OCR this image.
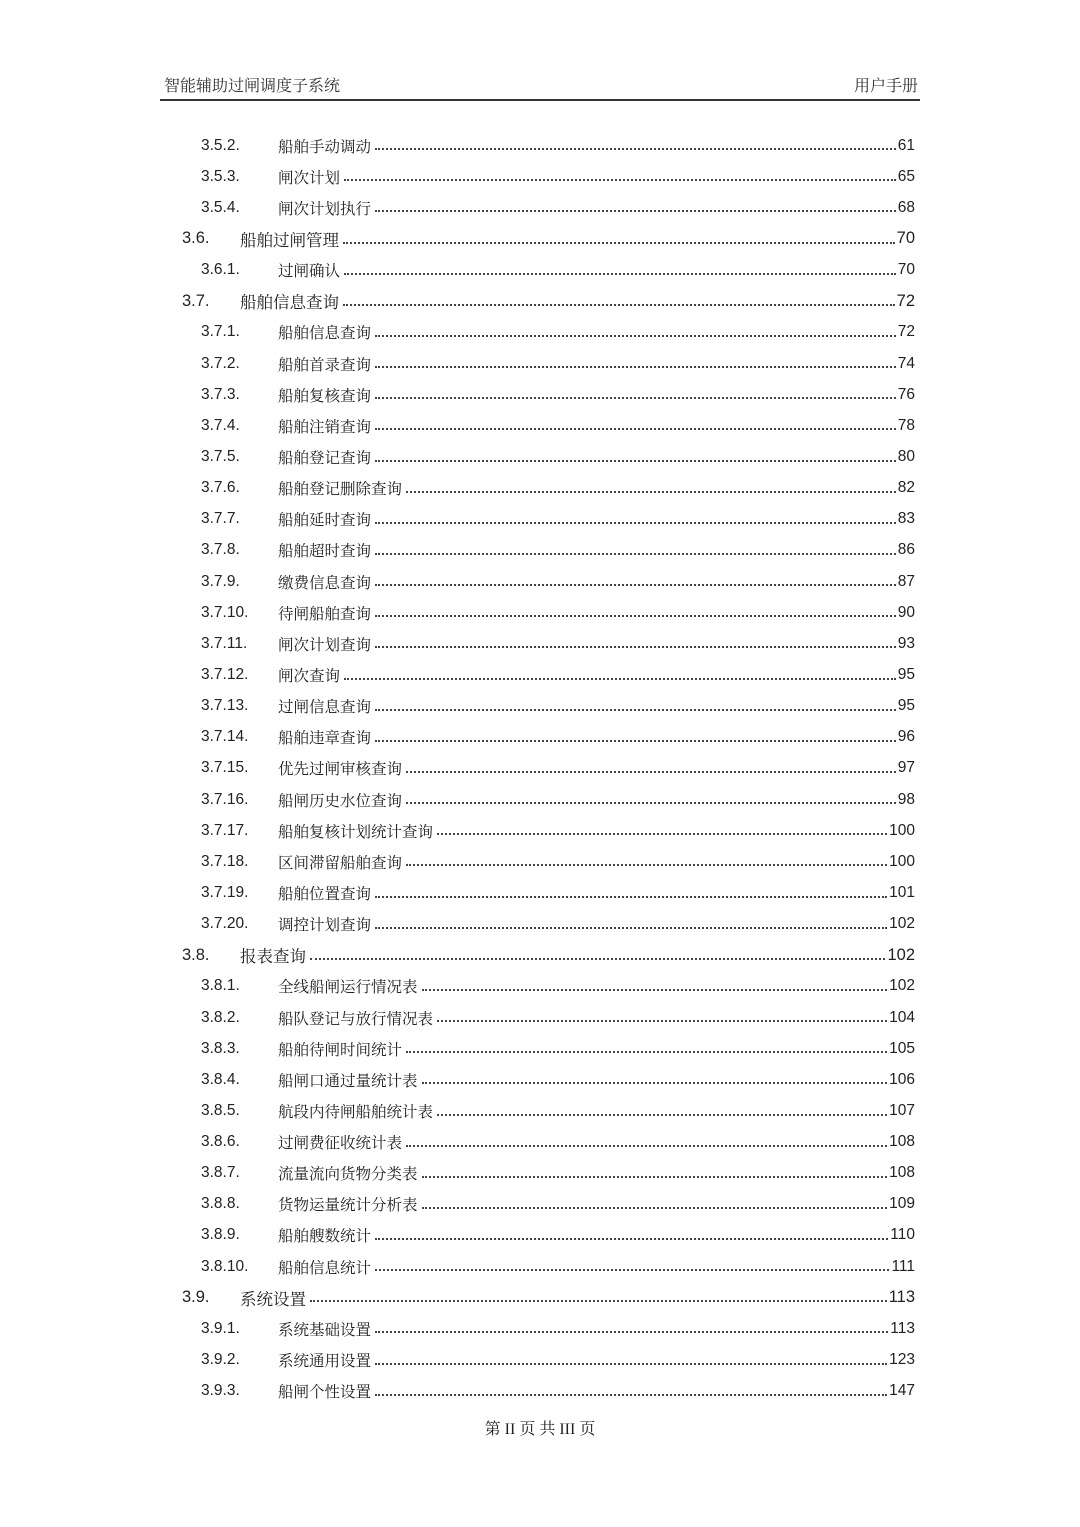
智能辅助过闸调度子系统	用户手册
3.5.2.	船舶手动调动	61
3.5.3.	闸次计划	65
3.5.4.	闸次计划执行	68
3.6.	船舶过闸管理	70
3.6.1.	过闸确认	70
3.7.	船舶信息查询	72
3.7.1.	船舶信息查询	72
3.7.2.	船舶首录查询	74
3.7.3.	船舶复核查询	76
3.7.4.	船舶注销查询	78
3.7.5.	船舶登记查询	80
3.7.6.	船舶登记删除查询	82
3.7.7.	船舶延时查询	83
3.7.8.	船舶超时查询	86
3.7.9.	缴费信息查询	87
3.7.10.	待闸船舶查询	90
3.7.11.	闸次计划查询	93
3.7.12.	闸次查询	95
3.7.13.	过闸信息查询	95
3.7.14.	船舶违章查询	96
3.7.15.	优先过闸审核查询	97
3.7.16.	船闸历史水位查询	98
3.7.17.	船舶复核计划统计查询	100
3.7.18.	区间滞留船舶查询	100
3.7.19.	船舶位置查询	101
3.7.20.	调控计划查询	102
3.8.	报表查询	102
3.8.1.	全线船闸运行情况表	102
3.8.2.	船队登记与放行情况表	104
3.8.3.	船舶待闸时间统计	105
3.8.4.	船闸口通过量统计表	106
3.8.5.	航段内待闸船舶统计表	107
3.8.6.	过闸费征收统计表	108
3.8.7.	流量流向货物分类表	108
3.8.8.	货物运量统计分析表	109
3.8.9.	船舶艘数统计	110
3.8.10.	船舶信息统计	111
3.9.	系统设置	113
3.9.1.	系统基础设置	113
3.9.2.	系统通用设置	123
3.9.3.	船闸个性设置	147
第 II 页 共 III 页
